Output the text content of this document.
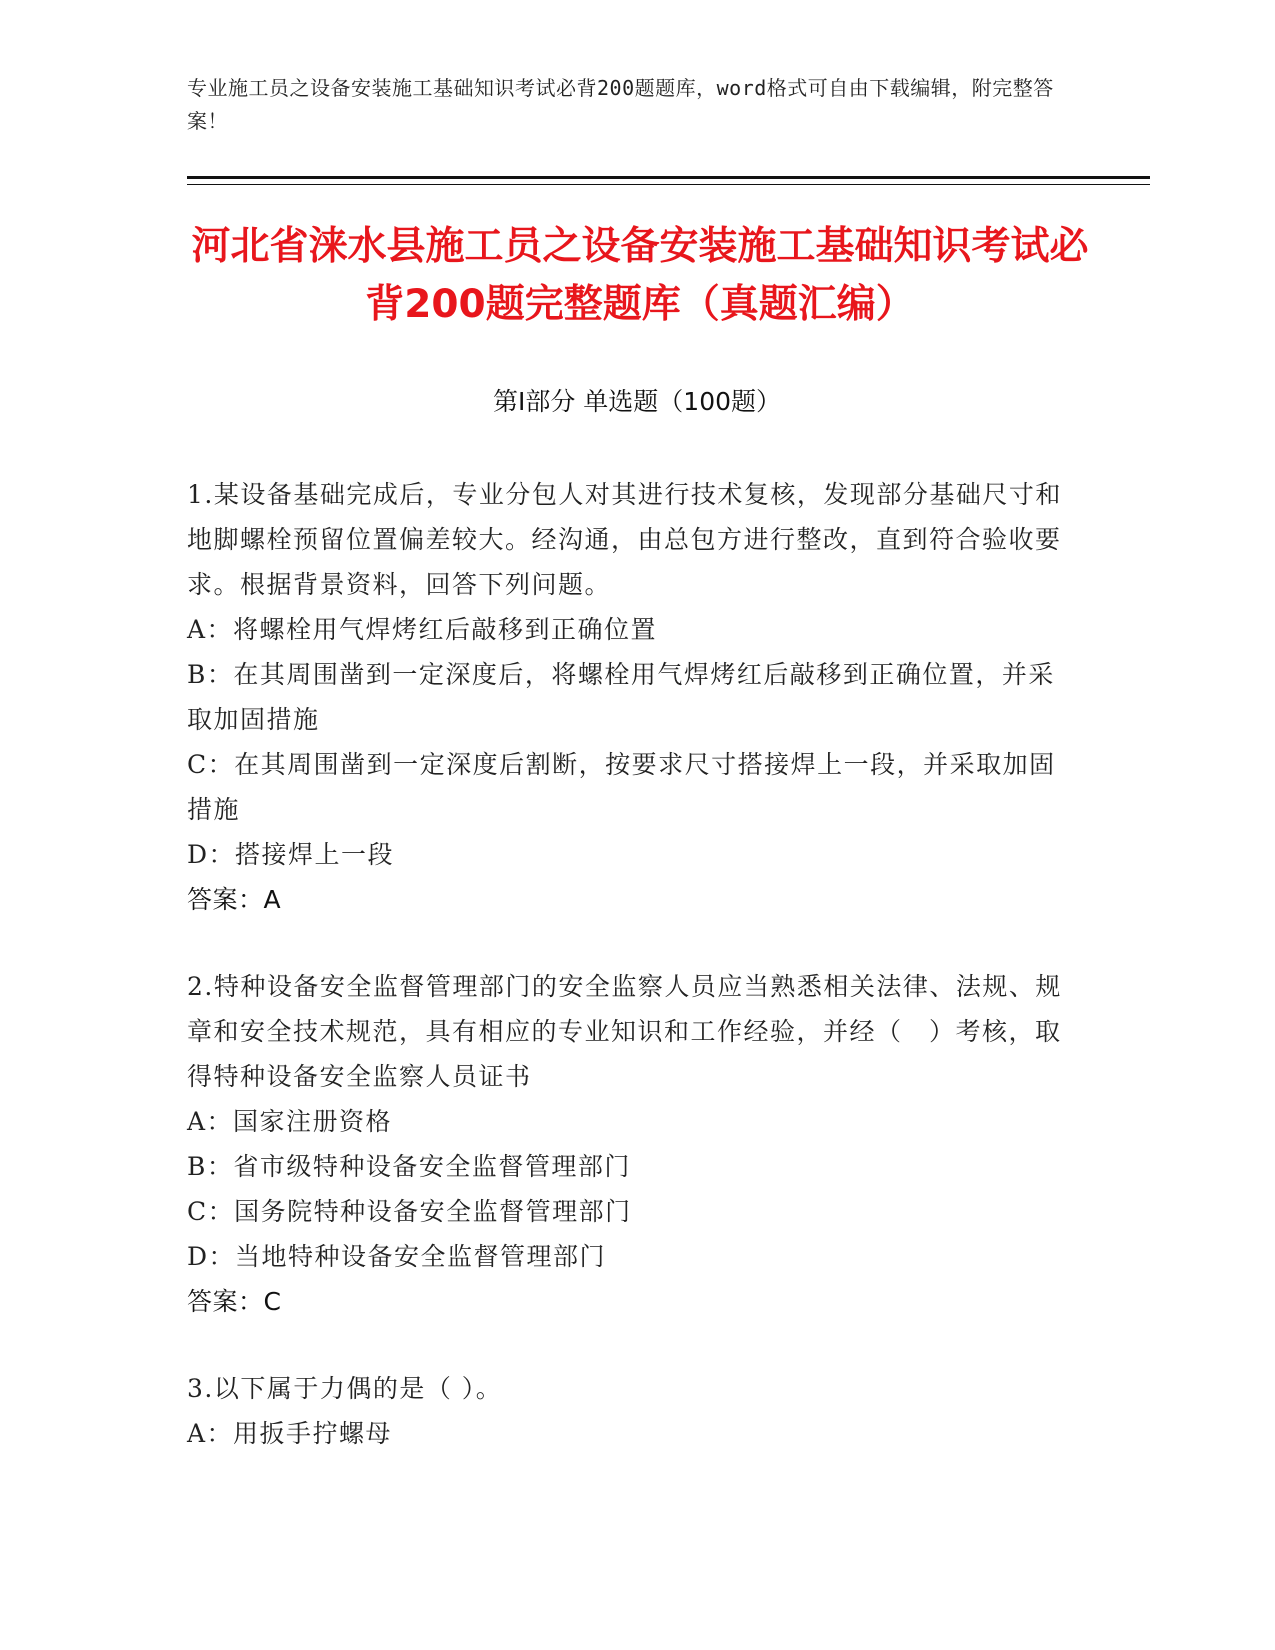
专业施工员之设备安装施工基础知识考试必背200题题库，word格式可自由下载编辑，附完整答案！
河北省涞水县施工员之设备安装施工基础知识考试必背200题完整题库（真题汇编）
第I部分 单选题（100题）
1.某设备基础完成后，专业分包人对其进行技术复核，发现部分基础尺寸和地脚螺栓预留位置偏差较大。经沟通，由总包方进行整改，直到符合验收要求。根据背景资料，回答下列问题。
A：将螺栓用气焊烤红后敲移到正确位置
B：在其周围凿到一定深度后，将螺栓用气焊烤红后敲移到正确位置，并采取加固措施
C：在其周围凿到一定深度后割断，按要求尺寸搭接焊上一段，并采取加固措施
D：搭接焊上一段
答案：A
2.特种设备安全监督管理部门的安全监察人员应当熟悉相关法律、法规、规章和安全技术规范，具有相应的专业知识和工作经验，并经（　）考核，取得特种设备安全监察人员证书
A：国家注册资格
B：省市级特种设备安全监督管理部门
C：国务院特种设备安全监督管理部门
D：当地特种设备安全监督管理部门
答案：C
3.以下属于力偶的是（ ）。
A：用扳手拧螺母
